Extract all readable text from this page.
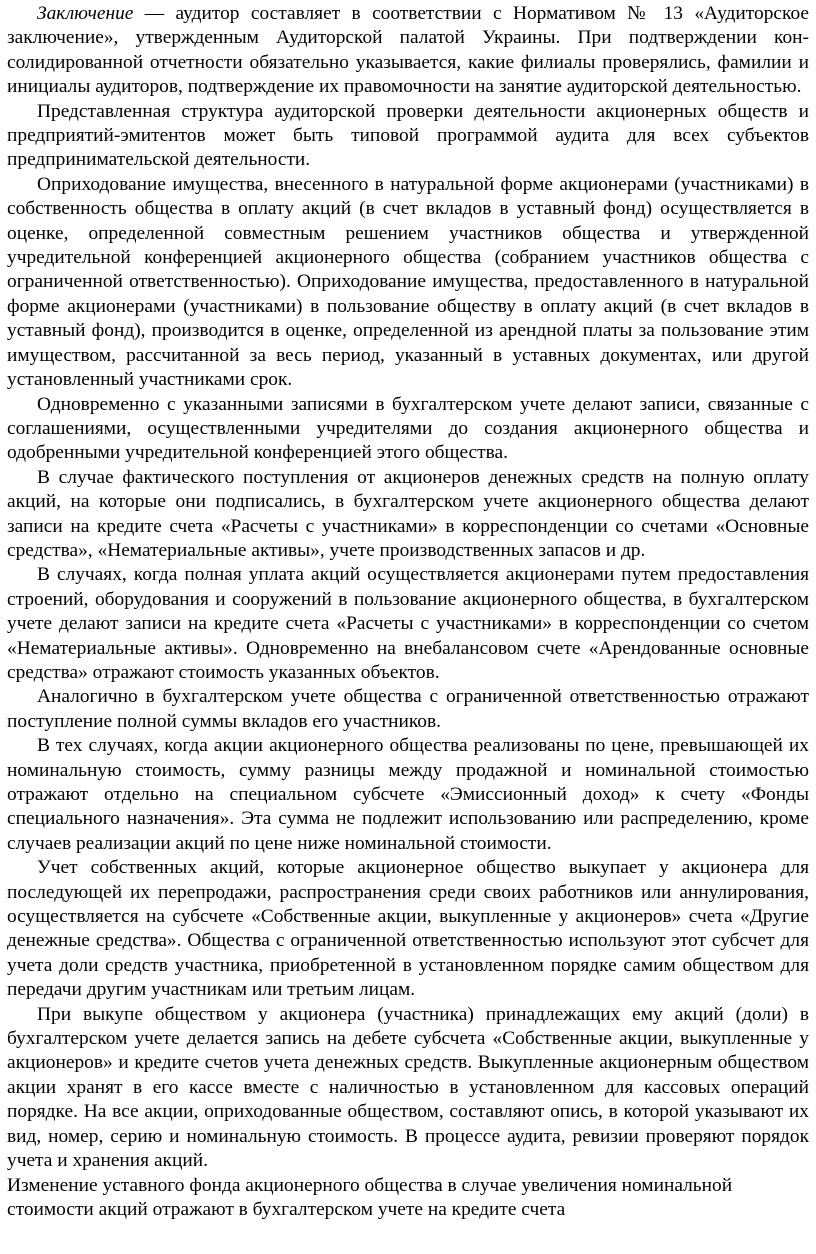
Заключение — аудитор составляет в соответствии с Нормативом № 13 «Аудиторское заключение», утвержденным Аудиторской палатой Украины. При подтверждении консолидированной отчетности обязательно указывается, какие филиалы проверялись, фамилии и инициалы аудиторов, подтверждение их правомочности на занятие аудиторской деятельностью.

Представленная структура аудиторской проверки деятельности акционерных обществ и предприятий-эмитентов может быть типовой программой аудита для всех субъектов предпринимательской деятельности.

Оприходование имущества, внесенного в натуральной форме акционерами (участниками) в собственность общества в оплату акций (в счет вкладов в уставный фонд) осуществляется в оценке, определенной совместным решением участников общества и утвержденной учредительной конференцией акционерного общества (собранием участников общества с ограниченной ответственностью). Оприходование имущества, предоставленного в натуральной форме акционерами (участниками) в пользование обществу в оплату акций (в счет вкладов в уставный фонд), производится в оценке, определенной из арендной платы за пользование этим имуществом, рассчитанной за весь период, указанный в уставных документах, или другой установленный участниками срок.

Одновременно с указанными записями в бухгалтерском учете делают записи, связанные с соглашениями, осуществленными учредителями до создания акционерного общества и одобренными учредительной конференцией этого общества.

В случае фактического поступления от акционеров денежных средств на полную оплату акций, на которые они подписались, в бухгалтерском учете акционерного общества делают записи на кредите счета «Расчеты с участниками» в корреспонденции со счетами «Основные средства», «Нематериальные активы», учете производственных запасов и др.

В случаях, когда полная уплата акций осуществляется акционерами путем предоставления строений, оборудования и сооружений в пользование акционерного общества, в бухгалтерском учете делают записи на кредите счета «Расчеты с участниками» в корреспонденции со счетом «Нематериальные активы». Одновременно на внебалансовом счете «Арендованные основные средства» отражают стоимость указанных объектов.

Аналогично в бухгалтерском учете общества с ограниченной ответственностью отражают поступление полной суммы вкладов его участников.

В тех случаях, когда акции акционерного общества реализованы по цене, превышающей их номинальную стоимость, сумму разницы между продажной и номинальной стоимостью отражают отдельно на специальном субсчете «Эмиссионный доход» к счету «Фонды специального назначения». Эта сумма не подлежит использованию или распределению, кроме случаев реализации акций по цене ниже номинальной стоимости.

Учет собственных акций, которые акционерное общество выкупает у акционера для последующей их перепродажи, распространения среди своих работников или аннулирования, осуществляется на субсчете «Собственные акции, выкупленные у акционеров» счета «Другие денежные средства». Общества с ограниченной ответственностью используют этот субсчет для учета доли средств участника, приобретенной в установленном порядке самим обществом для передачи другим участникам или третьим лицам.

При выкупе обществом у акционера (участника) принадлежащих ему акций (доли) в бухгалтерском учете делается запись на дебете субсчета «Собственные акции, выкупленные у акционеров» и кредите счетов учета денежных средств. Выкупленные акционерным обществом акции хранят в его кассе вместе с наличностью в установленном для кассовых операций порядке. На все акции, оприходованные обществом, составляют опись, в которой указывают их вид, номер, серию и номинальную стоимость. В процессе аудита, ревизии проверяют порядок учета и хранения акций.

Изменение уставного фонда акционерного общества в случае увеличения номинальной стоимости акций отражают в бухгалтерском учете на кредите счета
